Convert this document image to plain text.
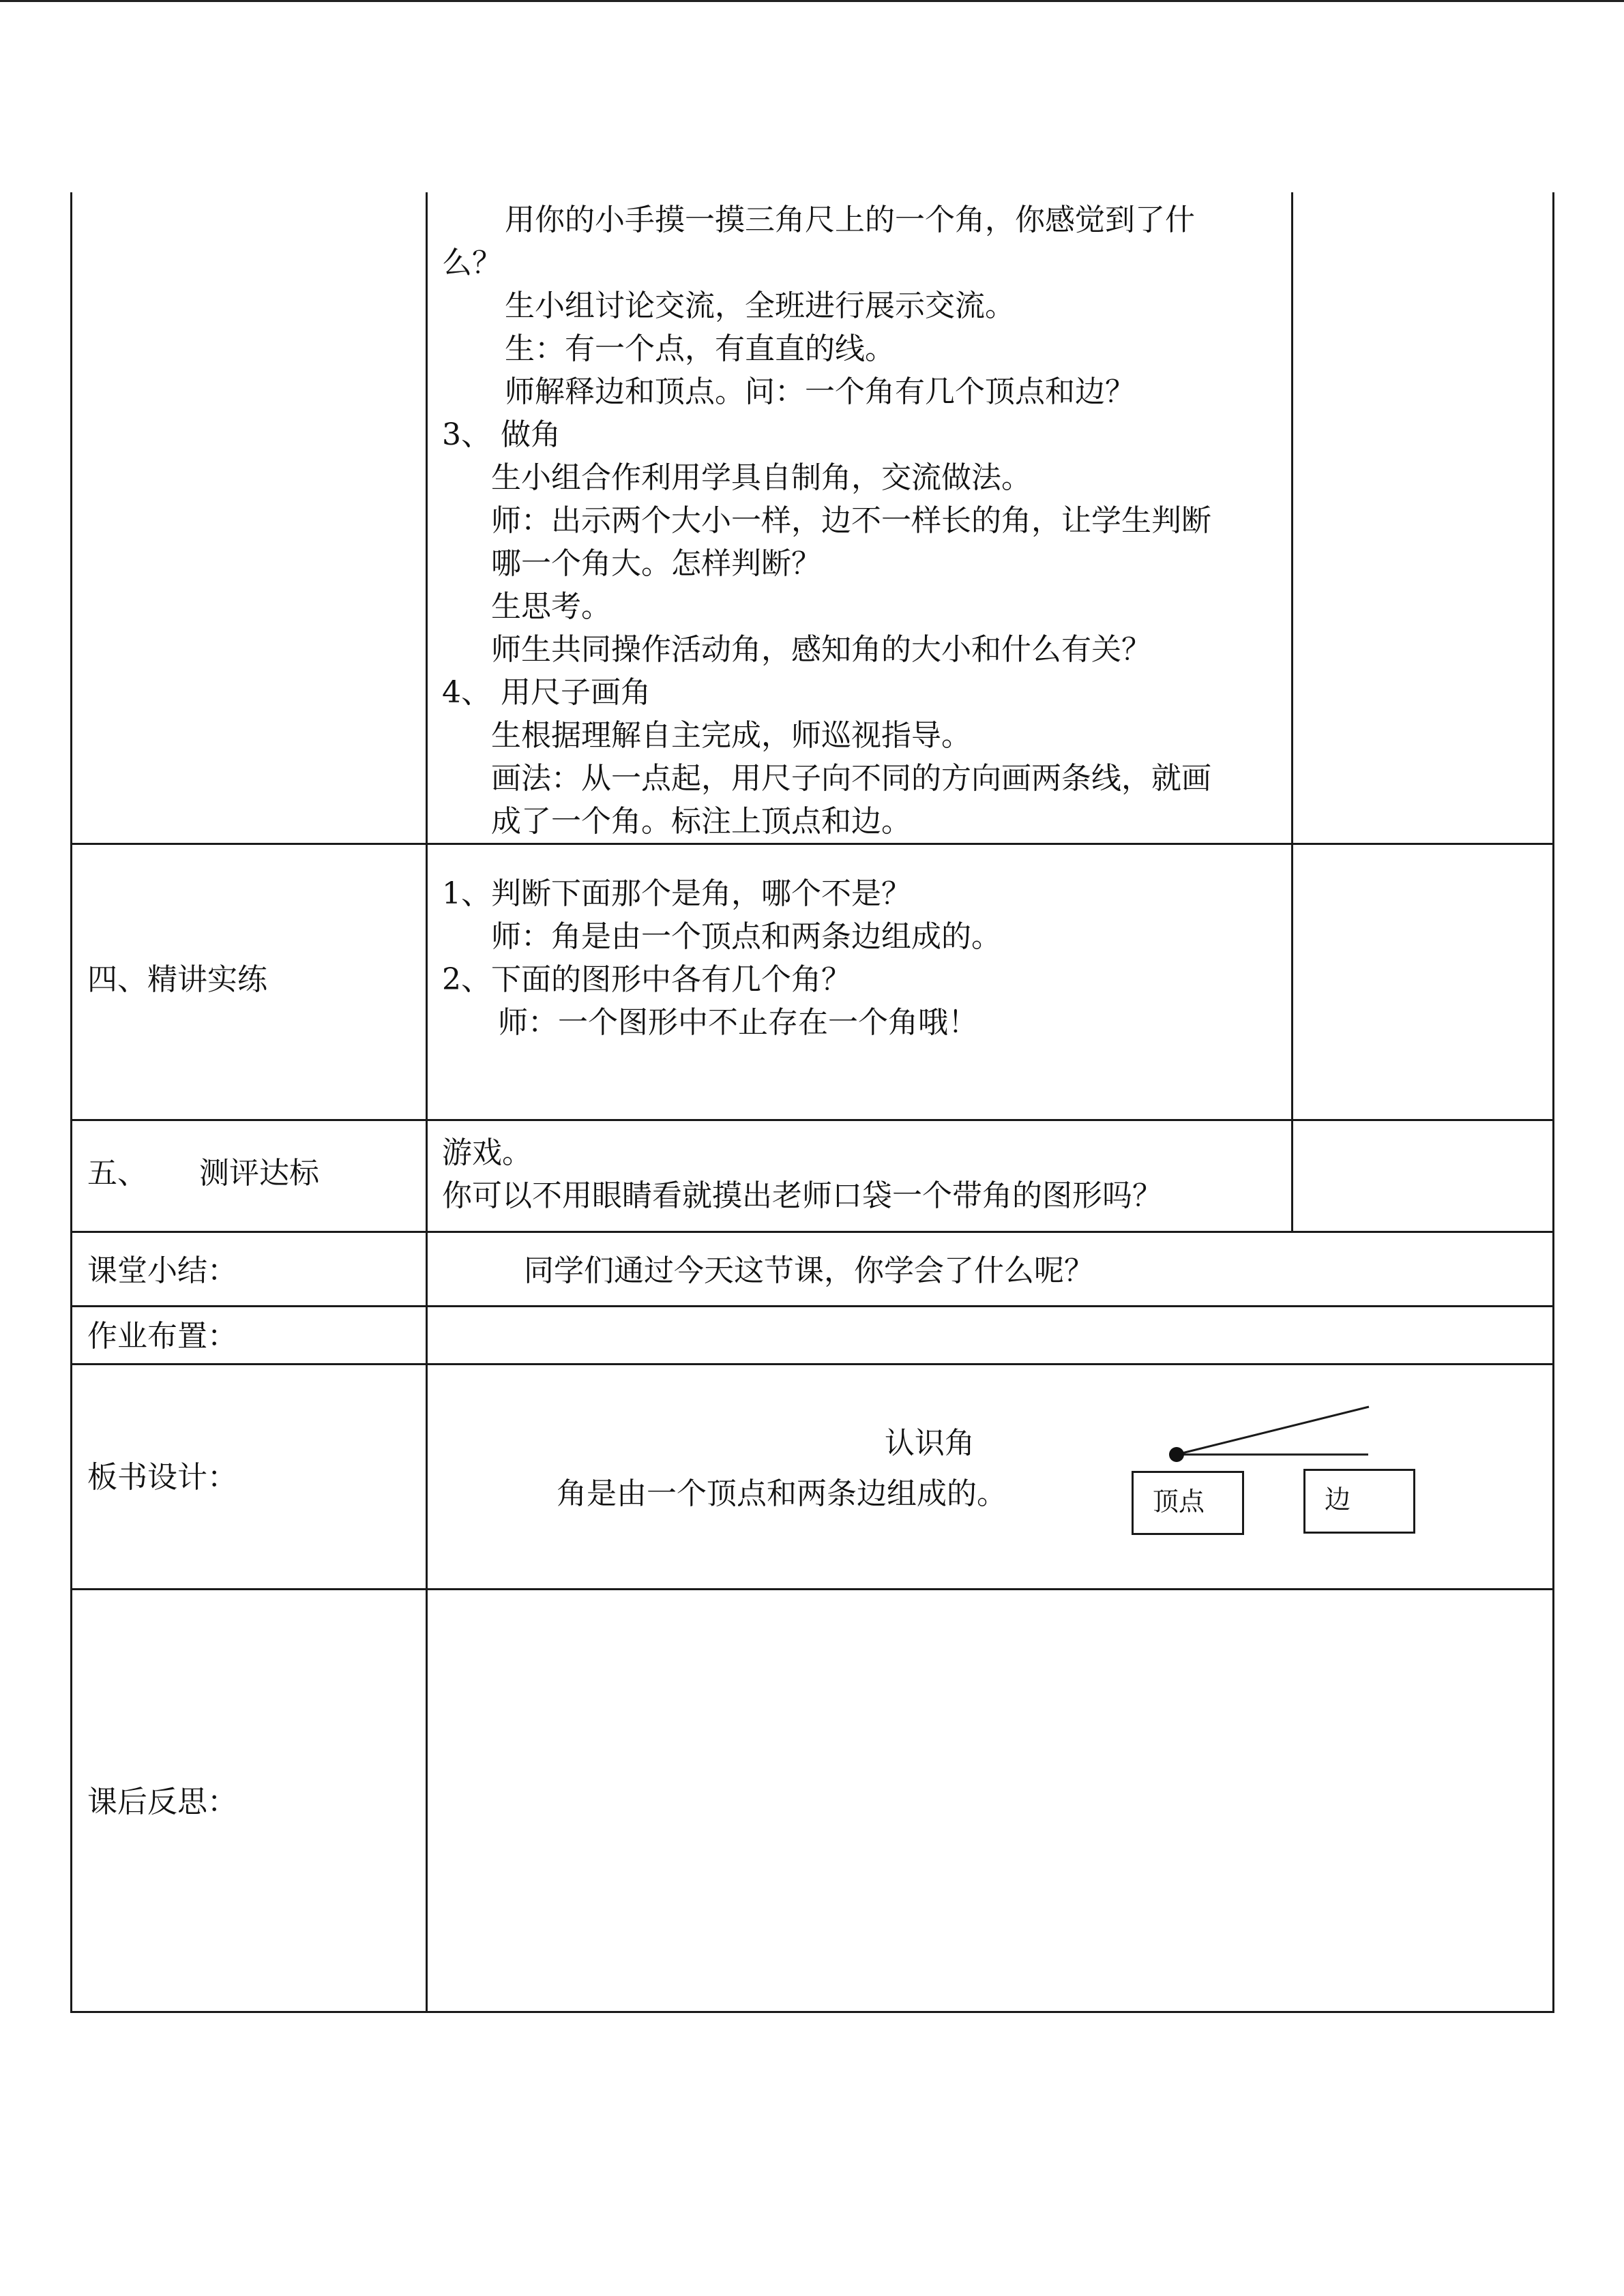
用你的小手摸一摸三角尺上的一个角，你感觉到了什
么？
生小组讨论交流，全班进行展示交流。
生：有一个点，有直直的线。
师解释边和顶点。问：一个角有几个顶点和边？
3、 做角
生小组合作利用学具自制角，交流做法。
师：出示两个大小一样，边不一样长的角，让学生判断
哪一个角大。怎样判断？
生思考。
师生共同操作活动角，感知角的大小和什么有关？
4、 用尺子画角
生根据理解自主完成，师巡视指导。
画法：从一点起，用尺子向不同的方向画两条线，就画
成了一个角。标注上顶点和边。
四、精讲实练
1、判断下面那个是角，哪个不是？
师：角是由一个顶点和两条边组成的。
2、下面的图形中各有几个角？
师：一个图形中不止存在一个角哦！
五、 测评达标
游戏。
你可以不用眼睛看就摸出老师口袋一个带角的图形吗？
课堂小结：	同学们通过今天这节课，你学会了什么呢？
作业布置：
板书设计：
认识角
角是由一个顶点和两条边组成的。	顶点	边
课后反思：
